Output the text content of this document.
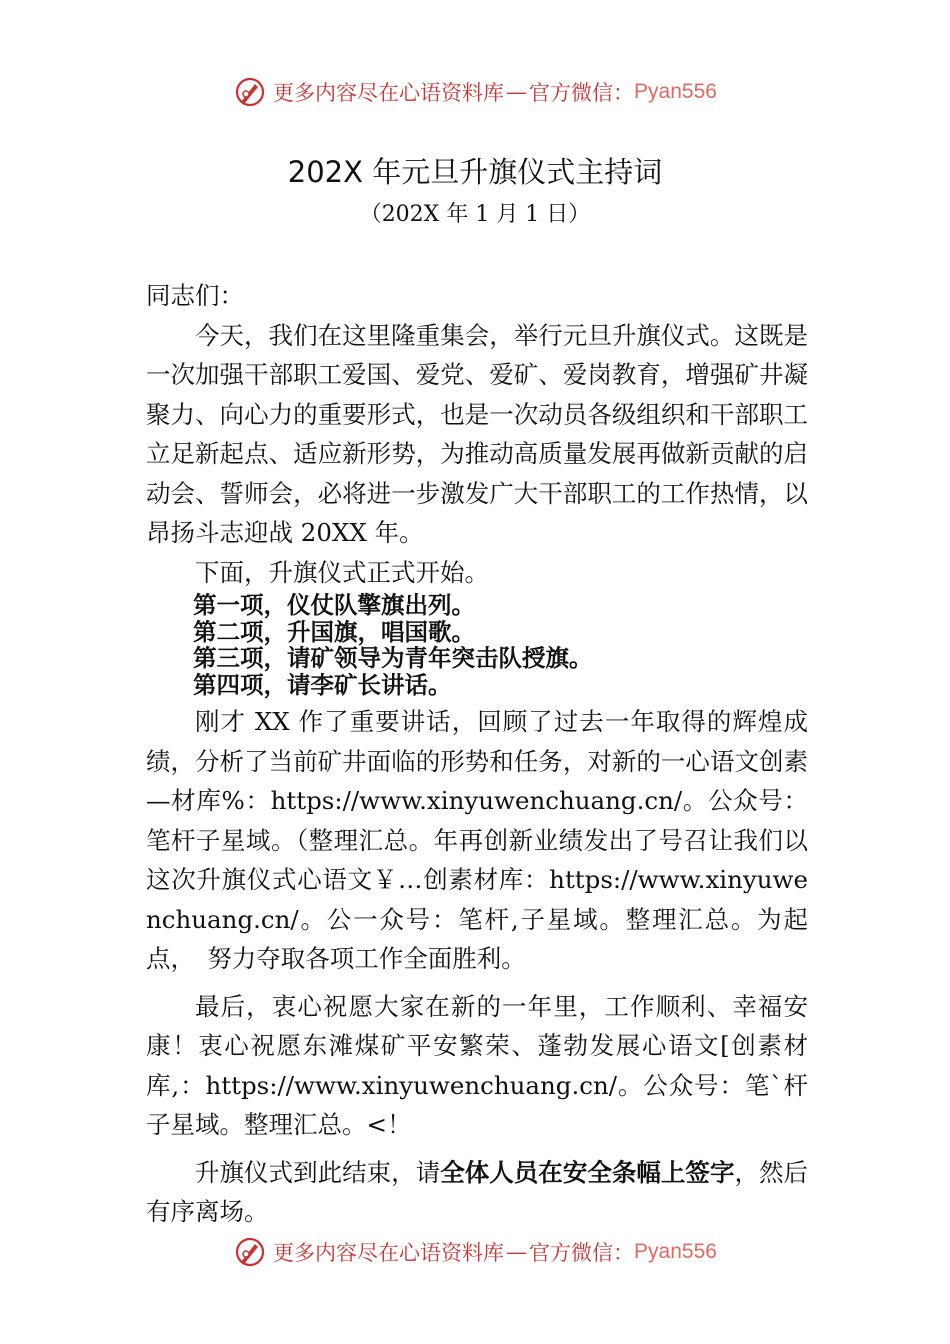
更多内容尽在心语资料库 — 官方微信： Pyan556
202X 年元旦升旗仪式主持词
（202X 年 1 月 1 日）

同志们：

今天，我们在这里隆重集会，举行元旦升旗仪式。这既是一次加强干部职工爱国、爱党、爱矿、爱岗教育，增强矿井凝聚力、向心力的重要形式，也是一次动员各级组织和干部职工立足新起点、适应新形势，为推动高质量发展再做新贡献的启动会、誓师会，必将进一步激发广大干部职工的工作热情，以昂扬斗志迎战 20XX 年。

下面，升旗仪式正式开始。

第一项，仪仗队擎旗出列。

第二项，升国旗，唱国歌。

第三项，请矿领导为青年突击队授旗。

第四项，请李矿长讲话。

刚才 XX 作了重要讲话，回顾了过去一年取得的辉煌成绩，分析了当前矿井面临的形势和任务，对新的一心语文创素—材库%：https://www.xinyuwenchuang.cn/。公众号：笔杆子星域。（整理汇总。年再创新业绩发出了号召让我们以这次升旗仪式心语文￥…创素材库：https://www.xinyuwenchuang.cn/。公一众号：笔杆,子星域。整理汇总。为起点，　努力夺取各项工作全面胜利。

最后，衷心祝愿大家在新的一年里，工作顺利、幸福安康！衷心祝愿东滩煤矿平安繁荣、蓬勃发展心语文[创素材库,：https://www.xinyuwenchuang.cn/。公众号：笔`杆子星域。整理汇总。<！

升旗仪式到此结束，请全体人员在安全条幅上签字，然后有序离场。

更多内容尽在心语资料库 — 官方微信： Pyan556
